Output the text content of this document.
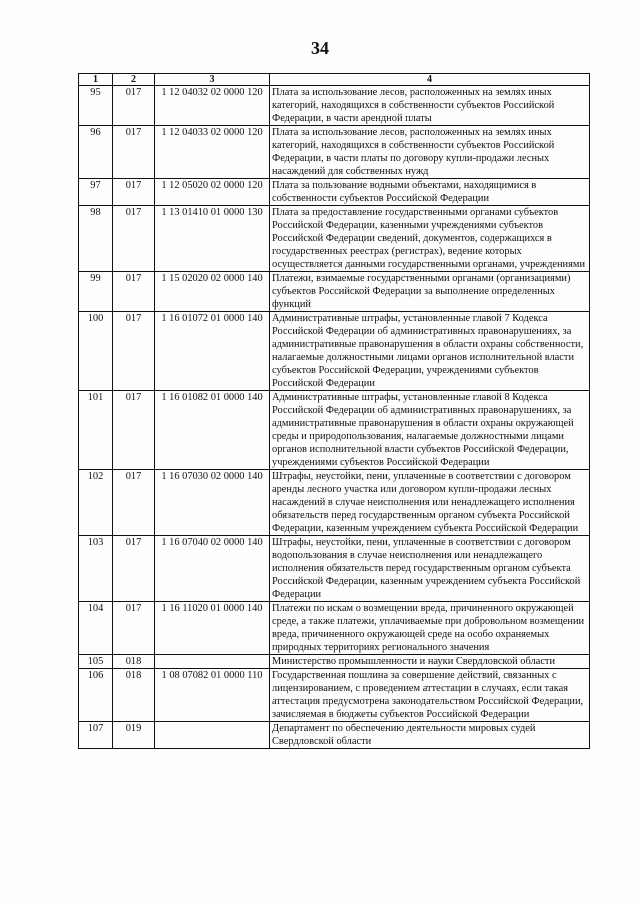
34
1	2	3	4
95	017	1 12 04032 02 0000 120	Плата за использование лесов, расположенных на землях иных категорий, находящихся в собственности субъектов Российской Федерации, в части арендной платы
96	017	1 12 04033 02 0000 120	Плата за использование лесов, расположенных на землях иных категорий, находящихся в собственности субъектов Российской Федерации, в части платы по договору купли-продажи лесных насаждений для собственных нужд
97	017	1 12 05020 02 0000 120	Плата за пользование водными объектами, находящимися в собственности субъектов Российской Федерации
98	017	1 13 01410 01 0000 130	Плата за предоставление государственными органами субъектов Российской Федерации, казенными учреждениями субъектов Российской Федерации сведений, документов, содержащихся в государственных реестрах (регистрах), ведение которых осуществляется данными государственными органами, учреждениями
99	017	1 15 02020 02 0000 140	Платежи, взимаемые государственными органами (организациями) субъектов Российской Федерации за выполнение определенных функций
100	017	1 16 01072 01 0000 140	Административные штрафы, установленные главой 7 Кодекса Российской Федерации об административных правонарушениях, за административные правонарушения в области охраны собственности, налагаемые должностными лицами органов исполнительной власти субъектов Российской Федерации, учреждениями субъектов Российской Федерации
101	017	1 16 01082 01 0000 140	Административные штрафы, установленные главой 8 Кодекса Российской Федерации об административных правонарушениях, за административные правонарушения в области охраны окружающей среды и природопользования, налагаемые должностными лицами органов исполнительной власти субъектов Российской Федерации, учреждениями субъектов Российской Федерации
102	017	1 16 07030 02 0000 140	Штрафы, неустойки, пени, уплаченные в соответствии с договором аренды лесного участка или договором купли-продажи лесных насаждений в случае неисполнения или ненадлежащего исполнения обязательств перед государственным органом субъекта Российской Федерации, казенным учреждением субъекта Российской Федерации
103	017	1 16 07040 02 0000 140	Штрафы, неустойки, пени, уплаченные в соответствии с договором водопользования в случае неисполнения или ненадлежащего исполнения обязательств перед государственным органом субъекта Российской Федерации, казенным учреждением субъекта Российской Федерации
104	017	1 16 11020 01 0000 140	Платежи по искам о возмещении вреда, причиненного окружающей среде, а также платежи, уплачиваемые при добровольном возмещении вреда, причиненного окружающей среде на особо охраняемых природных территориях регионального значения
105	018		Министерство промышленности и науки Свердловской области
106	018	1 08 07082 01 0000 110	Государственная пошлина за совершение действий, связанных с лицензированием, с проведением аттестации в случаях, если такая аттестация предусмотрена законодательством Российской Федерации, зачисляемая в бюджеты субъектов Российской Федерации
107	019		Департамент по обеспечению деятельности мировых судей Свердловской области
